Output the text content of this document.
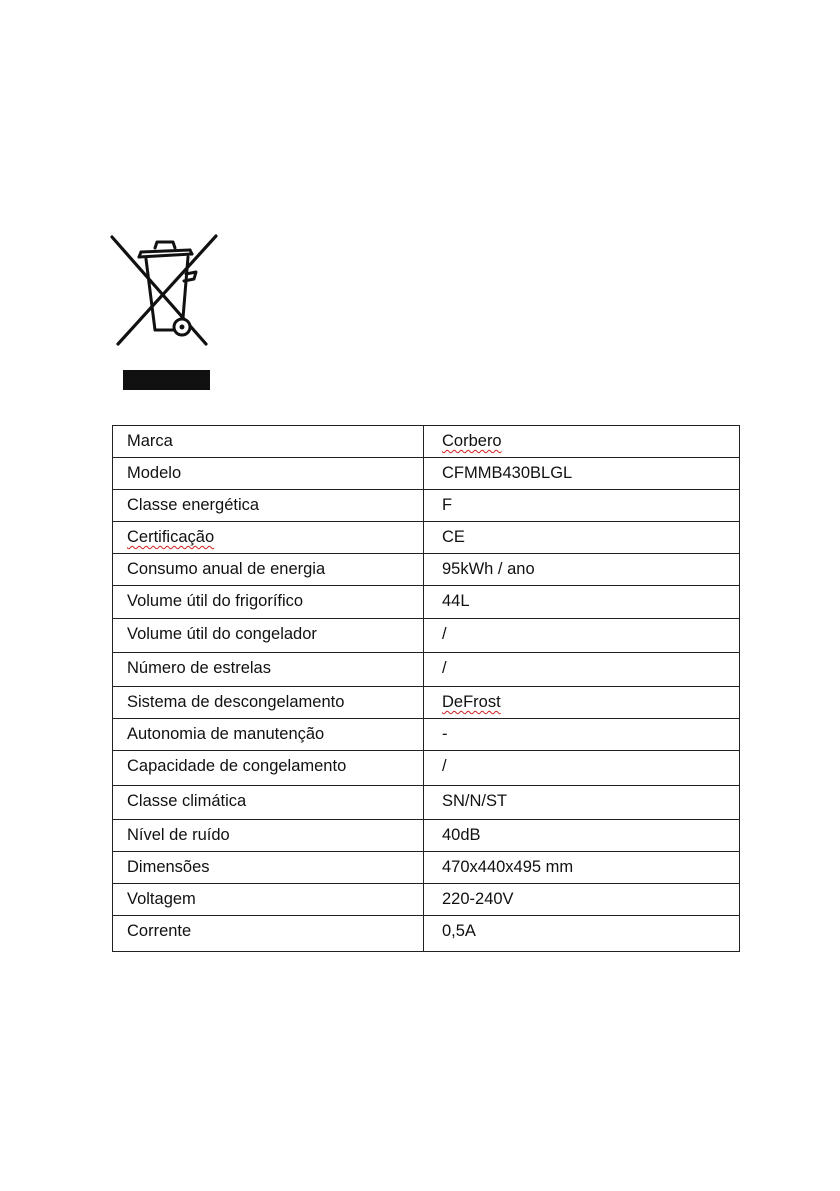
Marca	Corbero
Modelo	CFMMB430BLGL
Classe energética	F
Certificação	CE
Consumo anual de energia	95kWh / ano
Volume útil do frigorífico	44L
Volume útil do congelador	/
Número de estrelas	/
Sistema de descongelamento	DeFrost
Autonomia de manutenção	-
Capacidade de congelamento	/
Classe climática	SN/N/ST
Nível de ruído	40dB
Dimensões	470x440x495 mm
Voltagem	220-240V
Corrente	0,5A
